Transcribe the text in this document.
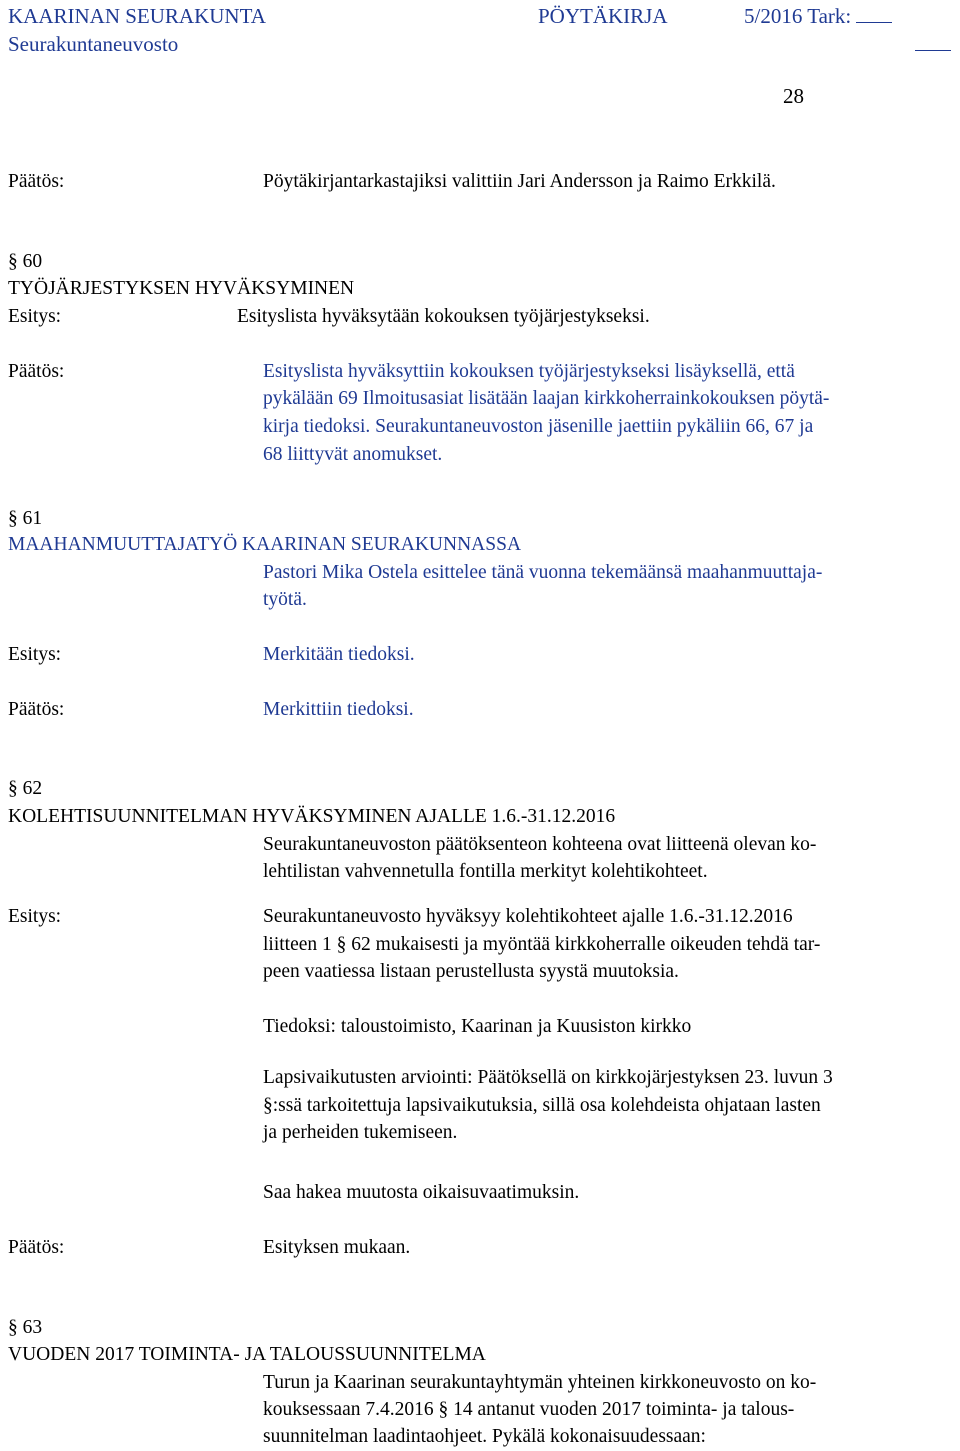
KAARINAN SEURAKUNTA	PÖYTÄKIRJA	5/2016 Tark:
Seurakuntaneuvosto
28
Päätös:	Pöytäkirjantarkastajiksi valittiin Jari Andersson ja Raimo Erkkilä.
§ 60
TYÖJÄRJESTYKSEN HYVÄKSYMINEN
Esitys:	Esityslista hyväksytään kokouksen työjärjestykseksi.
Päätös:	Esityslista hyväksyttiin kokouksen työjärjestykseksi lisäyksellä, että
pykälään 69 Ilmoitusasiat lisätään laajan kirkkoherrainkokouksen pöytä-
kirja tiedoksi. Seurakuntaneuvoston jäsenille jaettiin pykäliin 66, 67 ja
68 liittyvät anomukset.
§ 61
MAAHANMUUTTAJATYÖ KAARINAN SEURAKUNNASSA
Pastori Mika Ostela esittelee tänä vuonna tekemäänsä maahanmuuttaja-
työtä.
Esitys:	Merkitään tiedoksi.
Päätös:	Merkittiin tiedoksi.
§ 62
KOLEHTISUUNNITELMAN HYVÄKSYMINEN AJALLE 1.6.-31.12.2016
Seurakuntaneuvoston päätöksenteon kohteena ovat liitteenä olevan ko-
lehtilistan vahvennetulla fontilla merkityt kolehtikohteet.
Esitys:	Seurakuntaneuvosto hyväksyy kolehtikohteet ajalle 1.6.-31.12.2016
liitteen 1 § 62 mukaisesti ja myöntää kirkkoherralle oikeuden tehdä tar-
peen vaatiessa listaan perustellusta syystä muutoksia.
Tiedoksi: taloustoimisto, Kaarinan ja Kuusiston kirkko
Lapsivaikutusten arviointi: Päätöksellä on kirkkojärjestyksen 23. luvun 3
§:ssä tarkoitettuja lapsivaikutuksia, sillä osa kolehdeista ohjataan lasten
ja perheiden tukemiseen.
Saa hakea muutosta oikaisuvaatimuksin.
Päätös:	Esityksen mukaan.
§ 63
VUODEN 2017 TOIMINTA- JA TALOUSSUUNNITELMA
Turun ja Kaarinan seurakuntayhtymän yhteinen kirkkoneuvosto on ko-
kouksessaan 7.4.2016 § 14 antanut vuoden 2017 toiminta- ja talous-
suunnitelman laadintaohjeet. Pykälä kokonaisuudessaan:
